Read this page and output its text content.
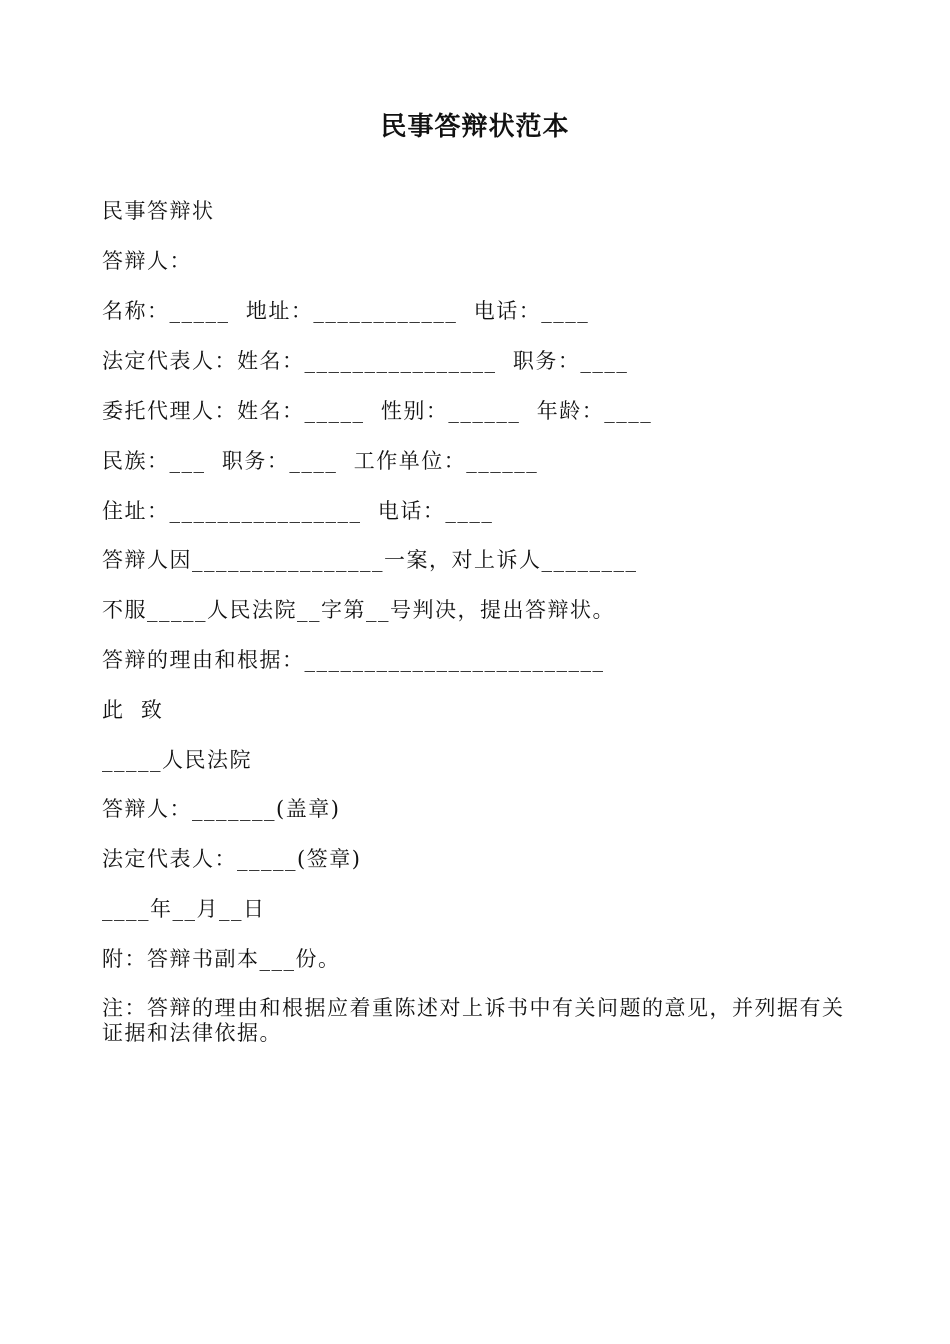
民事答辩状范本
民事答辩状
答辩人：
名称：_____  地址：____________  电话：____
法定代表人：姓名：________________  职务：____
委托代理人：姓名：_____  性别：______  年龄：____
民族：___  职务：____  工作单位：______
住址：________________  电话：____
答辩人因________________一案，对上诉人________
不服_____人民法院__字第__号判决，提出答辩状。
答辩的理由和根据：_________________________
此  致
_____人民法院
答辩人：_______(盖章)
法定代表人：_____(签章)
____年__月__日
附：答辩书副本___份。
注：答辩的理由和根据应着重陈述对上诉书中有关问题的意见，并列据有关证据和法律依据。
